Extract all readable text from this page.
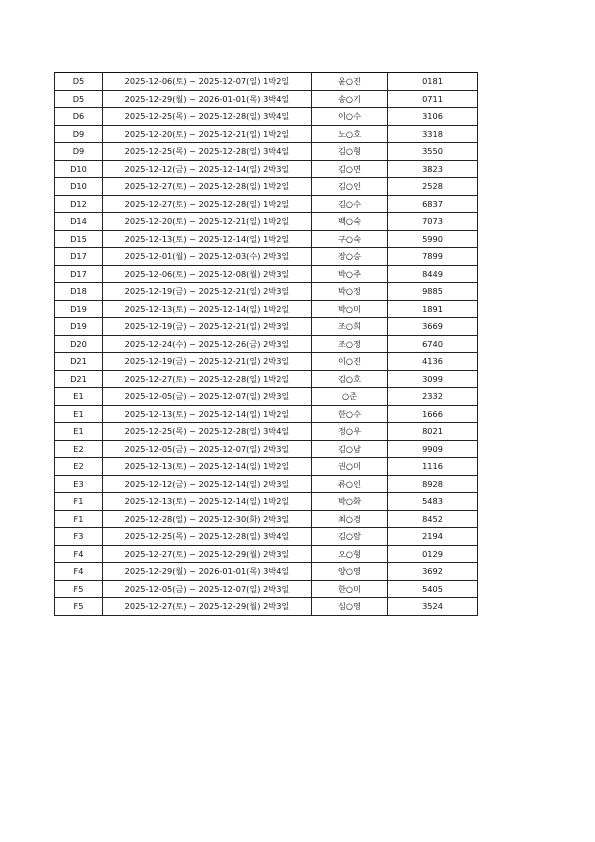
D5	2025-12-06(토) ~ 2025-12-07(일) 1박2일	윤○진	0181
D5	2025-12-29(월) ~ 2026-01-01(목) 3박4일	송○기	0711
D6	2025-12-25(목) ~ 2025-12-28(일) 3박4일	이○수	3106
D9	2025-12-20(토) ~ 2025-12-21(일) 1박2일	노○호	3318
D9	2025-12-25(목) ~ 2025-12-28(일) 3박4일	김○형	3550
D10	2025-12-12(금) ~ 2025-12-14(일) 2박3일	김○면	3823
D10	2025-12-27(토) ~ 2025-12-28(일) 1박2일	김○인	2528
D12	2025-12-27(토) ~ 2025-12-28(일) 1박2일	김○수	6837
D14	2025-12-20(토) ~ 2025-12-21(일) 1박2일	백○숙	7073
D15	2025-12-13(토) ~ 2025-12-14(일) 1박2일	구○숙	5990
D17	2025-12-01(월) ~ 2025-12-03(수) 2박3일	장○승	7899
D17	2025-12-06(토) ~ 2025-12-08(월) 2박3일	박○주	8449
D18	2025-12-19(금) ~ 2025-12-21(일) 2박3일	박○정	9885
D19	2025-12-13(토) ~ 2025-12-14(일) 1박2일	박○미	1891
D19	2025-12-19(금) ~ 2025-12-21(일) 2박3일	조○희	3669
D20	2025-12-24(수) ~ 2025-12-26(금) 2박3일	조○정	6740
D21	2025-12-19(금) ~ 2025-12-21(일) 2박3일	이○진	4136
D21	2025-12-27(토) ~ 2025-12-28(일) 1박2일	김○호	3099
E1	2025-12-05(금) ~ 2025-12-07(일) 2박3일	○준	2332
E1	2025-12-13(토) ~ 2025-12-14(일) 1박2일	한○수	1666
E1	2025-12-25(목) ~ 2025-12-28(일) 3박4일	정○우	8021
E2	2025-12-05(금) ~ 2025-12-07(일) 2박3일	김○남	9909
E2	2025-12-13(토) ~ 2025-12-14(일) 1박2일	권○미	1116
E3	2025-12-12(금) ~ 2025-12-14(일) 2박3일	류○인	8928
F1	2025-12-13(토) ~ 2025-12-14(일) 1박2일	박○화	5483
F1	2025-12-28(일) ~ 2025-12-30(화) 2박3일	최○경	8452
F3	2025-12-25(목) ~ 2025-12-28(일) 3박4일	김○람	2194
F4	2025-12-27(토) ~ 2025-12-29(월) 2박3일	오○형	0129
F4	2025-12-29(월) ~ 2026-01-01(목) 3박4일	양○영	3692
F5	2025-12-05(금) ~ 2025-12-07(일) 2박3일	한○미	5405
F5	2025-12-27(토) ~ 2025-12-29(월) 2박3일	심○영	3524
